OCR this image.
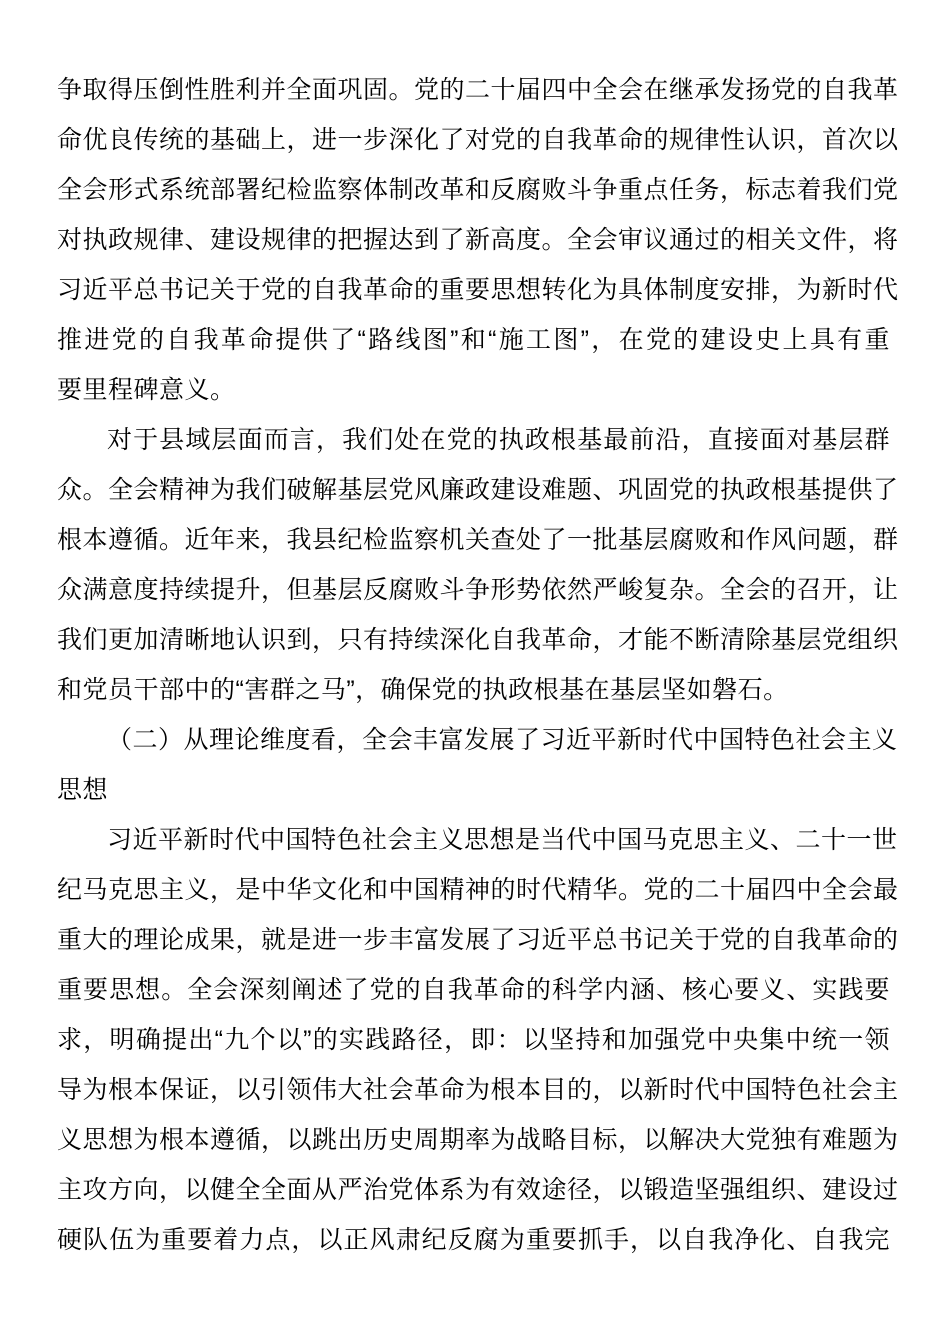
争取得压倒性胜利并全面巩固。党的二十届四中全会在继承发扬党的自我革
命优良传统的基础上，进一步深化了对党的自我革命的规律性认识，首次以
全会形式系统部署纪检监察体制改革和反腐败斗争重点任务，标志着我们党
对执政规律、建设规律的把握达到了新高度。全会审议通过的相关文件，将
习近平总书记关于党的自我革命的重要思想转化为具体制度安排，为新时代
推进党的自我革命提供了“路线图”和“施工图”，在党的建设史上具有重
要里程碑意义。
对于县域层面而言，我们处在党的执政根基最前沿，直接面对基层群
众。全会精神为我们破解基层党风廉政建设难题、巩固党的执政根基提供了
根本遵循。近年来，我县纪检监察机关查处了一批基层腐败和作风问题，群
众满意度持续提升，但基层反腐败斗争形势依然严峻复杂。全会的召开，让
我们更加清晰地认识到，只有持续深化自我革命，才能不断清除基层党组织
和党员干部中的“害群之马”，确保党的执政根基在基层坚如磐石。
（二）从理论维度看，全会丰富发展了习近平新时代中国特色社会主义
思想
习近平新时代中国特色社会主义思想是当代中国马克思主义、二十一世
纪马克思主义，是中华文化和中国精神的时代精华。党的二十届四中全会最
重大的理论成果，就是进一步丰富发展了习近平总书记关于党的自我革命的
重要思想。全会深刻阐述了党的自我革命的科学内涵、核心要义、实践要
求，明确提出“九个以”的实践路径，即：以坚持和加强党中央集中统一领
导为根本保证，以引领伟大社会革命为根本目的，以新时代中国特色社会主
义思想为根本遵循，以跳出历史周期率为战略目标，以解决大党独有难题为
主攻方向，以健全全面从严治党体系为有效途径，以锻造坚强组织、建设过
硬队伍为重要着力点，以正风肃纪反腐为重要抓手，以自我净化、自我完
